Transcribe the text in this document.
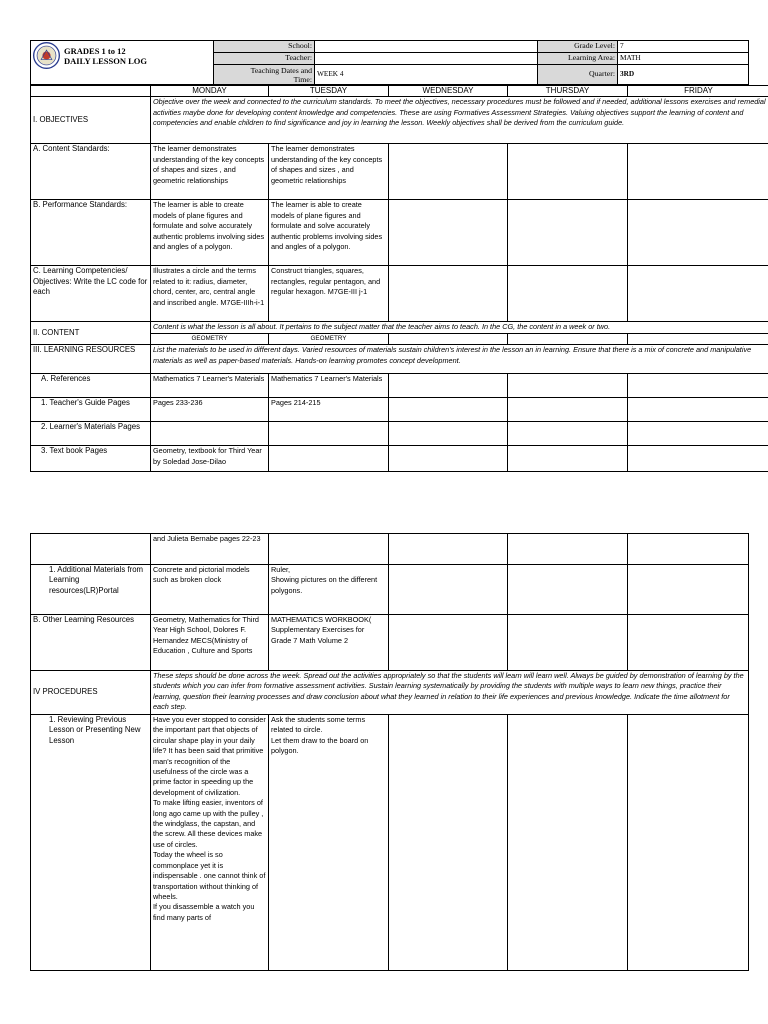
GRADES 1 to 12
DAILY LESSON LOG	School:		Grade Level:	7
	Teacher:		Learning Area:	MATH

	Teaching Dates and
Time:	WEEK 4	Quarter:	3RD
	MONDAY	TUESDAY	WEDNESDAY	THURSDAY	FRIDAY
I. OBJECTIVES	Objective over the week and connected to the curriculum standards. To meet the objectives, necessary procedures must be followed and if needed, additional lessons exercises and remedial activities maybe done for developing content knowledge and competencies. These are using Formatives Assessment Strategies. Valuing objectives support the learning of content and competencies and enable children to find significance and joy in learning the lesson. Weekly objectives shall be derived from the curriculum guide.				
A. Content Standards:	The learner demonstrates understanding of the key concepts of shapes and sizes , and geometric relationships	The learner demonstrates understanding of the key concepts of shapes and sizes , and geometric relationships			
B. Performance Standards:	The learner is able to create models of plane figures and formulate and solve accurately authentic problems involving sides and angles of a polygon.	The learner is able to create models of plane figures and formulate and solve accurately authentic problems involving sides and angles of a polygon.			
C. Learning Competencies/ Objectives: Write the LC code for each	Illustrates a circle and the terms related to it: radius, diameter, chord, center, arc, central angle and inscribed angle. M7GE-IIIh-i-1	Construct triangles, squares, rectangles, regular pentagon, and regular hexagon. M7GE-III j-1			
II. CONTENT	Content is what the lesson is all about. It pertains to the subject matter that the teacher aims to teach. In the CG, the content in a week or two.				
	GEOMETRY	GEOMETRY			
III. LEARNING RESOURCES	List the materials to be used in different days. Varied resources of materials sustain children's interest in the lesson an in learning. Ensure that there is a mix of concrete and manipulative materials as well as paper-based materials. Hands-on learning promotes concept development.				
A. References	Mathematics 7 Learner's Materials	Mathematics 7 Learner's Materials			
1. Teacher's Guide Pages	Pages 233-236	Pages 214-215			
2. Learner's Materials Pages					
3. Text book Pages	Geometry, textbook for Third Year by Soledad Jose-Dilao				
	and Julieta Bernabe pages 22-23				
1. Additional Materials from Learning resources(LR)Portal	Concrete and pictorial models such as broken clock	Ruler,
Showing pictures on the different polygons.			
B. Other Learning Resources	Geometry, Mathematics for Third Year High School, Dolores F. Hernandez MECS(Ministry of Education , Culture and Sports	MATHEMATICS WORKBOOK( Supplementary Exercises for Grade 7 Math Volume 2			
IV PROCEDURES	These steps should be done across the week. Spread out the activities appropriately so that the students will learn will learn well. Always be guided by demonstration of learning by the students which you can infer from formative assessment activities. Sustain learning systematically by providing the students with multiple ways to learn new things, practice their learning, question their learning processes and draw conclusion about what they learned in relation to their life experiences and previous knowledge. Indicate the time allotment for each step.				
1. Reviewing Previous Lesson or Presenting New Lesson	Have you ever stopped to consider the important part that objects of circular shape play in your daily life? It has been said that primitive man's recognition of the usefulness of the circle was a prime factor in speeding up the development of civilization.
To make lifting easier, inventors of long ago came up with the pulley , the windglass, the capstan, and the screw. All these devices make use of circles.
Today the wheel is so commonplace yet it is indispensable . one cannot think of transportation without thinking of wheels.
If you disassemble a watch you find many parts of	Ask the students some terms related to circle.
Let them draw to the board on polygon.			
